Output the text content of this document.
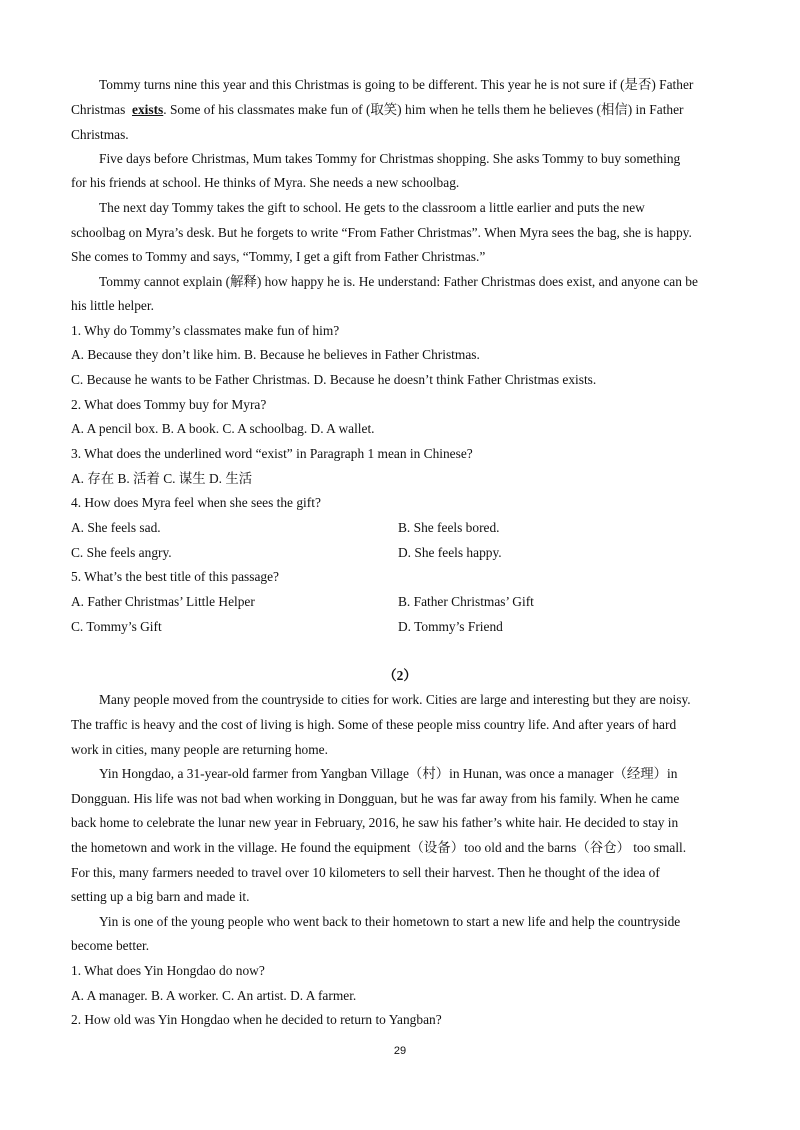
Tommy turns nine this year and this Christmas is going to be different. This year he is not sure if (是否) Father
Christmas exists. Some of his classmates make fun of (取笑) him when he tells them he believes (相信) in Father
Christmas.
Five days before Christmas, Mum takes Tommy for Christmas shopping. She asks Tommy to buy something
for his friends at school. He thinks of Myra. She needs a new schoolbag.
The next day Tommy takes the gift to school. He gets to the classroom a little earlier and puts the new
schoolbag on Myra’s desk. But he forgets to write “From Father Christmas”. When Myra sees the bag, she is happy.
She comes to Tommy and says, “Tommy, I get a gift from Father Christmas.”
Tommy cannot explain (解释) how happy he is. He understand: Father Christmas does exist, and anyone can be
his little helper.
1. Why do Tommy’s classmates make fun of him?
A. Because they don’t like him. B. Because he believes in Father Christmas.
C. Because he wants to be Father Christmas. D. Because he doesn’t think Father Christmas exists.
2. What does Tommy buy for Myra?
A. A pencil box. B. A book. C. A schoolbag. D. A wallet.
3. What does the underlined word “exist” in Paragraph 1 mean in Chinese?
A. 存在 B. 活着 C. 谋生 D. 生活
4. How does Myra feel when she sees the gift?
A. She feels sad.	B. She feels bored.
C. She feels angry.	D. She feels happy.
5. What’s the best title of this passage?
A. Father Christmas’ Little Helper	B. Father Christmas’ Gift
C. Tommy’s Gift	D. Tommy’s Friend
（2）
Many people moved from the countryside to cities for work. Cities are large and interesting but they are noisy.
The traffic is heavy and the cost of living is high. Some of these people miss country life. And after years of hard
work in cities, many people are returning home.
Yin Hongdao, a 31-year-old farmer from Yangban Village（村）in Hunan, was once a manager（经理）in
Dongguan. His life was not bad when working in Dongguan, but he was far away from his family. When he came
back home to celebrate the lunar new year in February, 2016, he saw his father’s white hair. He decided to stay in
the hometown and work in the village. He found the equipment（设备）too old and the barns（谷仓） too small.
For this, many farmers needed to travel over 10 kilometers to sell their harvest. Then he thought of the idea of
setting up a big barn and made it.
Yin is one of the young people who went back to their hometown to start a new life and help the countryside
become better.
1. What does Yin Hongdao do now?
A. A manager. B. A worker. C. An artist. D. A farmer.
2. How old was Yin Hongdao when he decided to return to Yangban?
29
